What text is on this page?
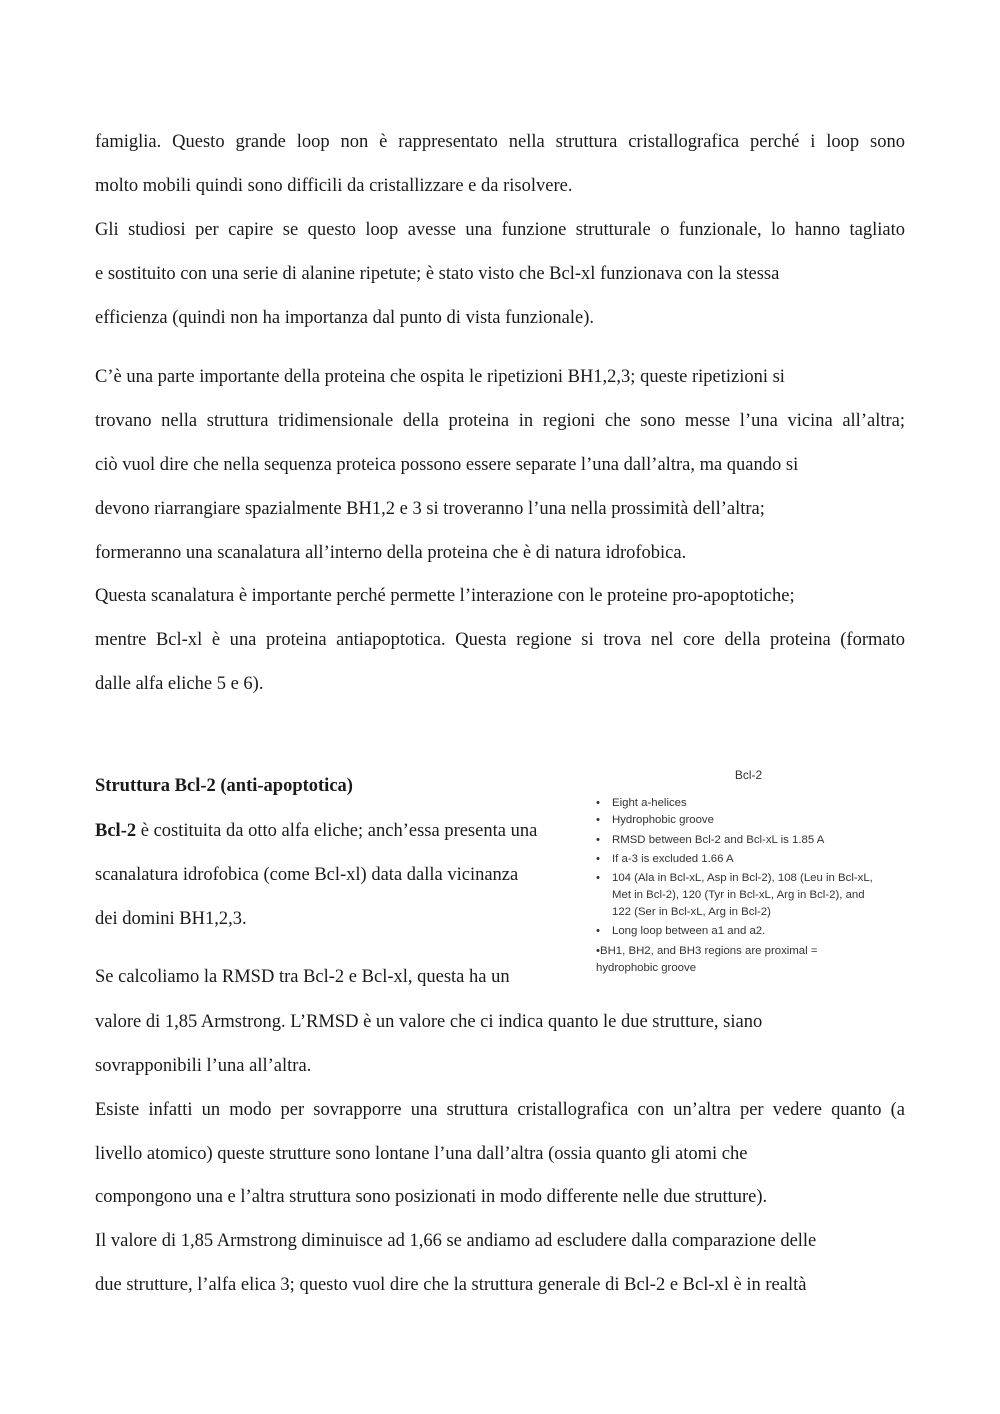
famiglia. Questo grande loop non è rappresentato nella struttura cristallografica perché i loop sono
molto mobili quindi sono difficili da cristallizzare e da risolvere.
Gli studiosi per capire se questo loop avesse una funzione strutturale o funzionale, lo hanno tagliato
e sostituito con una serie di alanine ripetute; è stato visto che Bcl-xl funzionava con la stessa
efficienza (quindi non ha importanza dal punto di vista funzionale).
C’è una parte importante della proteina che ospita le ripetizioni BH1,2,3; queste ripetizioni si
trovano nella struttura tridimensionale della proteina in regioni che sono messe l’una vicina all’altra;
ciò vuol dire che nella sequenza proteica possono essere separate l’una dall’altra, ma quando si
devono riarrangiare spazialmente BH1,2 e 3 si troveranno l’una nella prossimità dell’altra;
formeranno una scanalatura all’interno della proteina che è di natura idrofobica.
Questa scanalatura è importante perché permette l’interazione con le proteine pro-apoptotiche;
mentre Bcl-xl è una proteina antiapoptotica. Questa regione si trova nel core della proteina (formato
dalle alfa eliche 5 e 6).
Struttura Bcl-2 (anti-apoptotica)
Bcl-2 è costituita da otto alfa eliche; anch’essa presenta una
scanalatura idrofobica (come Bcl-xl) data dalla vicinanza
dei domini BH1,2,3.
Se calcoliamo la RMSD tra Bcl-2 e Bcl-xl, questa ha un
valore di 1,85 Armstrong. L’RMSD è un valore che ci indica quanto le due strutture, siano
sovrapponibili l’una all’altra.
Esiste infatti un modo per sovrapporre una struttura cristallografica con un’altra per vedere quanto (a
livello atomico) queste strutture sono lontane l’una dall’altra (ossia quanto gli atomi che
compongono una e l’altra struttura sono posizionati in modo differente nelle due strutture).
Il valore di 1,85 Armstrong diminuisce ad 1,66 se andiamo ad escludere dalla comparazione delle
due strutture, l’alfa elica 3; questo vuol dire che la struttura generale di Bcl-2 e Bcl-xl è in realtà
Bcl-2
• Eight a-helices
• Hydrophobic groove
• RMSD between Bcl-2 and Bcl-xL is 1.85 A
• If a-3 is excluded 1.66 A
• 104 (Ala in Bcl-xL, Asp in Bcl-2), 108 (Leu in Bcl-xL,
Met in Bcl-2), 120 (Tyr in Bcl-xL, Arg in Bcl-2), and
122 (Ser in Bcl-xL, Arg in Bcl-2)
• Long loop between a1 and a2.
•BH1, BH2, and BH3 regions are proximal =
hydrophobic groove
